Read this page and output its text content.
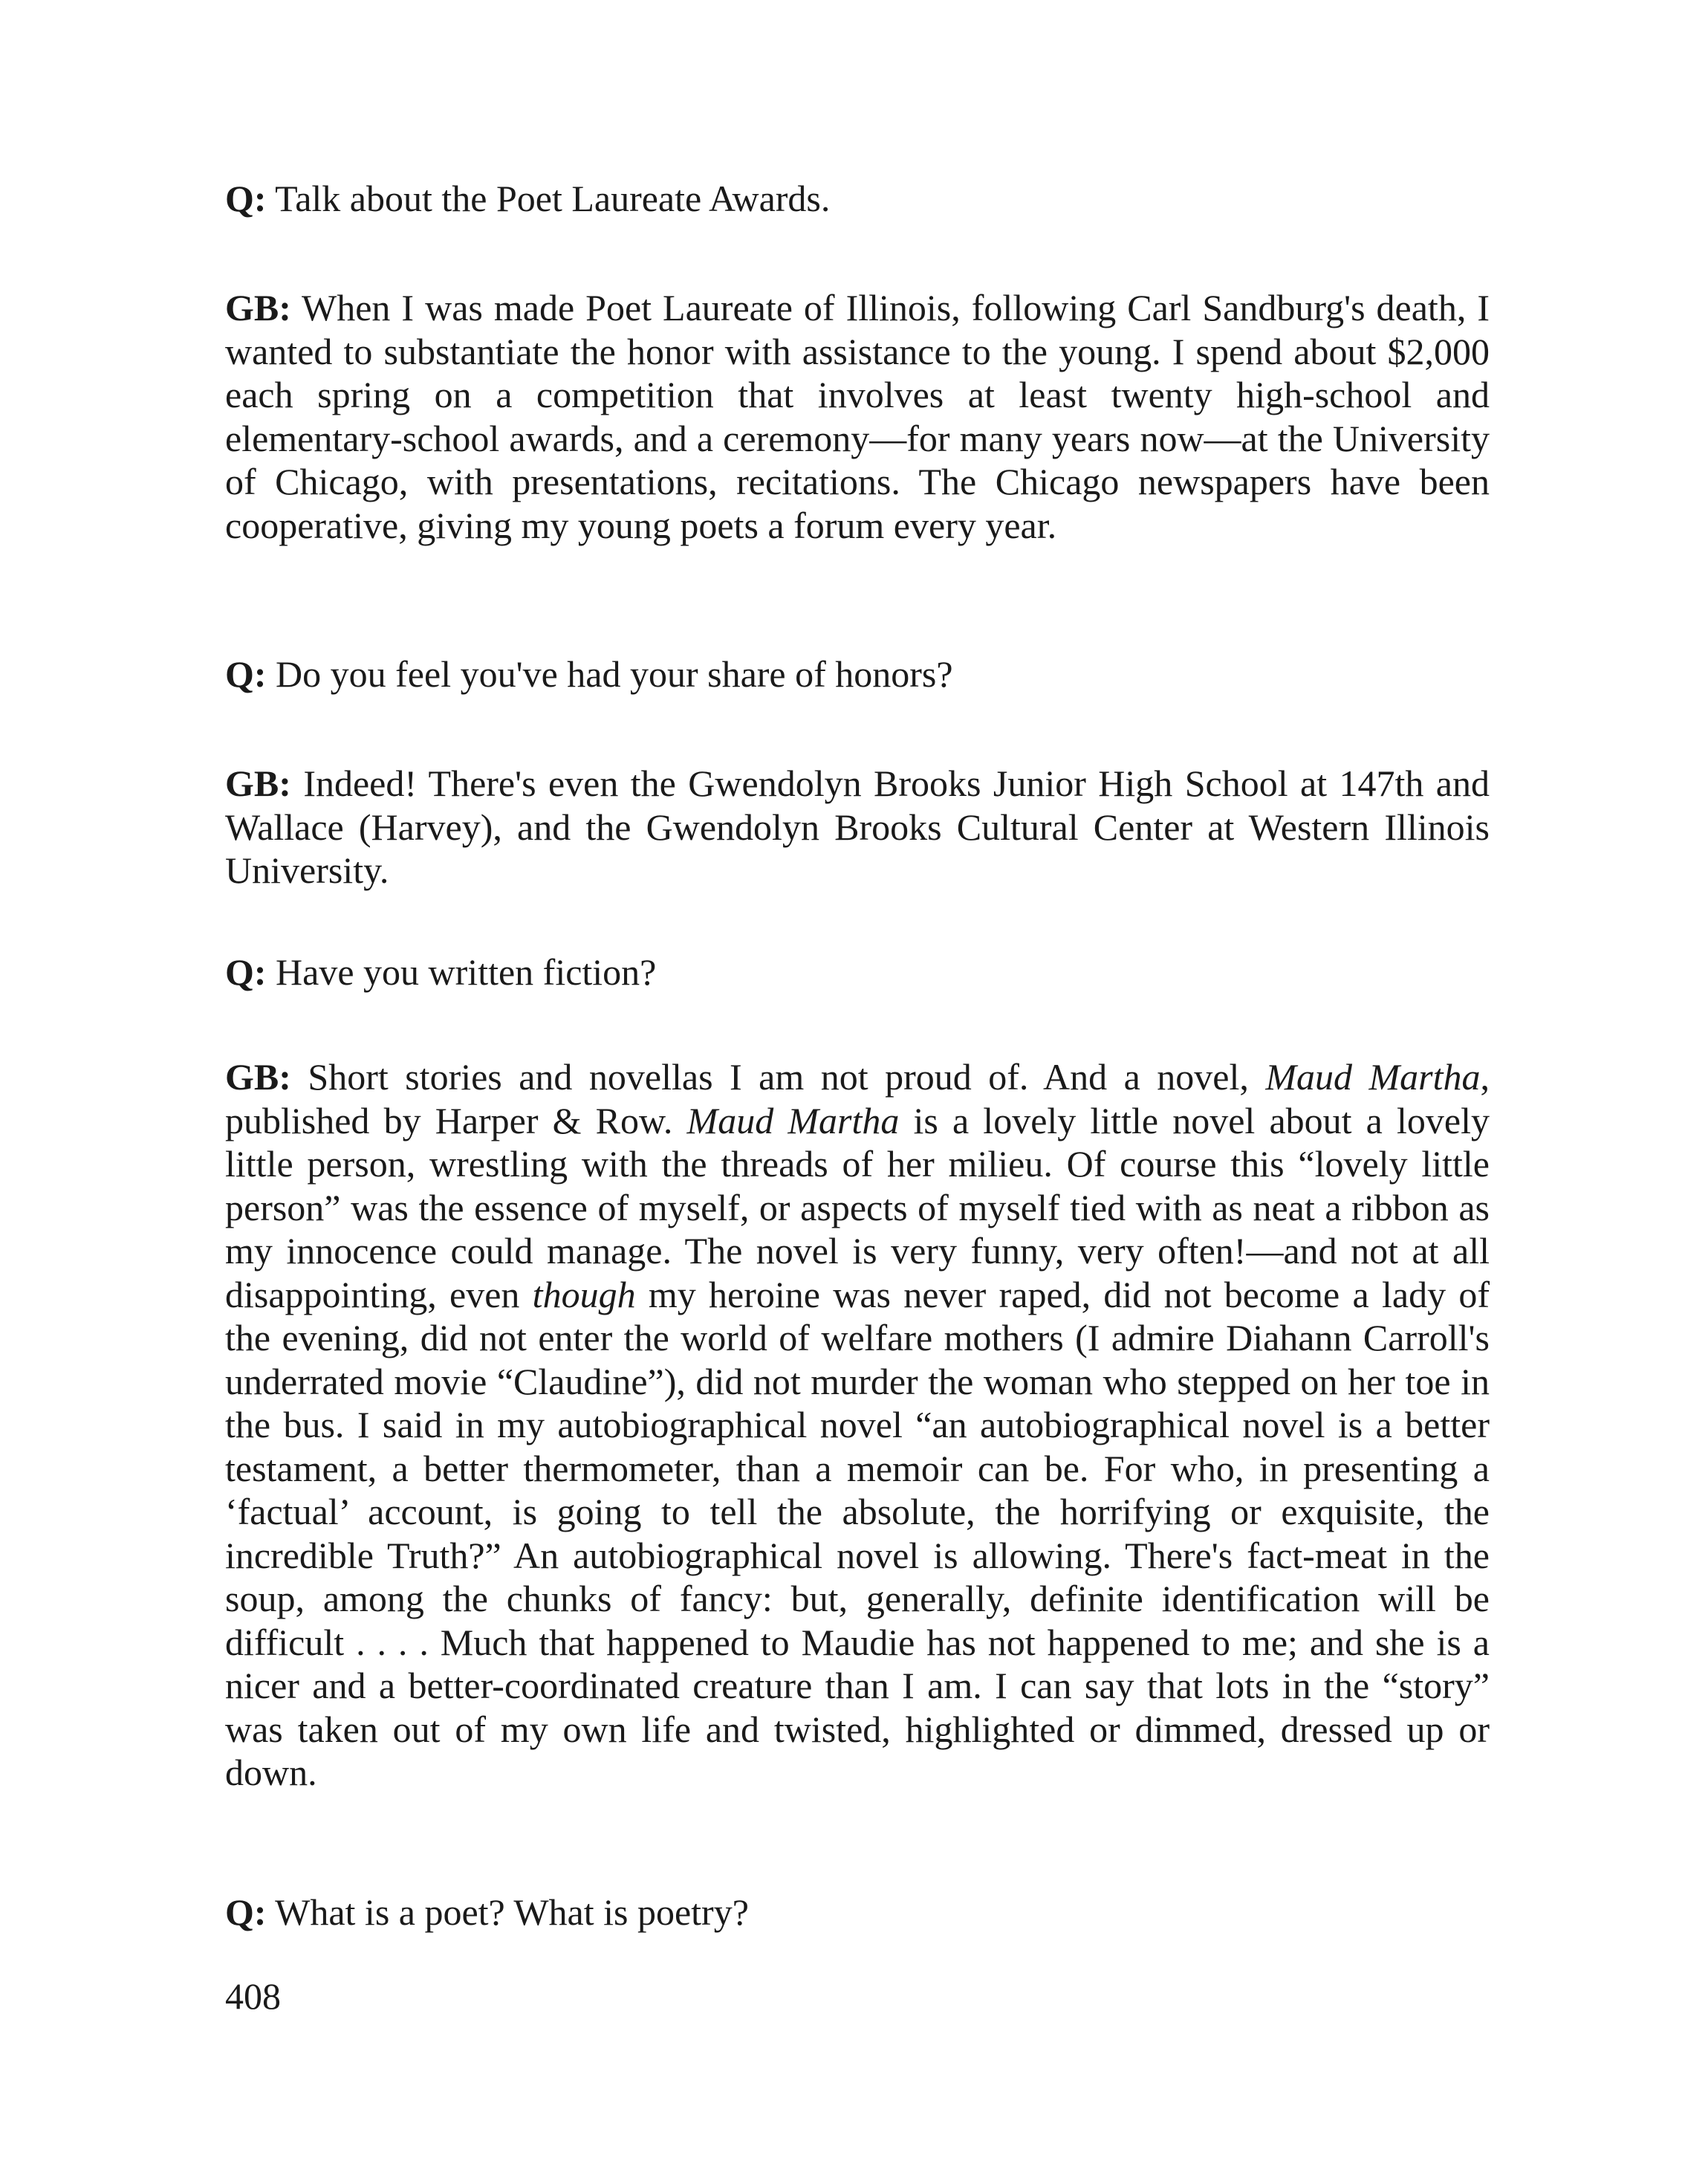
Q: Talk about the Poet Laureate Awards.

GB: When I was made Poet Laureate of Illinois, following Carl Sandburg's death, I wanted to substantiate the honor with assistance to the young. I spend about $2,000 each spring on a competition that involves at least twenty high-school and elementary-school awards, and a ceremony—for many years now—at the University of Chicago, with presentations, recitations. The Chicago newspapers have been cooperative, giving my young poets a forum every year.

Q: Do you feel you've had your share of honors?

GB: Indeed! There's even the Gwendolyn Brooks Junior High School at 147th and Wallace (Harvey), and the Gwendolyn Brooks Cultural Center at Western Illinois University.

Q: Have you written fiction?

GB: Short stories and novellas I am not proud of. And a novel, Maud Martha, published by Harper & Row. Maud Martha is a lovely little novel about a lovely little person, wrestling with the threads of her milieu. Of course this “lovely little person” was the essence of myself, or aspects of myself tied with as neat a ribbon as my innocence could manage. The novel is very funny, very often!—and not at all disappointing, even though my heroine was never raped, did not become a lady of the evening, did not enter the world of welfare mothers (I admire Diahann Carroll's underrated movie “Claudine”), did not murder the woman who stepped on her toe in the bus. I said in my autobiographical novel “an autobiographical novel is a better testament, a better thermometer, than a memoir can be. For who, in presenting a ‘factual’ account, is going to tell the absolute, the horrifying or exquisite, the incredible Truth?” An autobiographical novel is allowing. There's fact-meat in the soup, among the chunks of fancy: but, generally, definite identification will be difficult . . . . Much that happened to Maudie has not happened to me; and she is a nicer and a better-coordinated creature than I am. I can say that lots in the “story” was taken out of my own life and twisted, highlighted or dimmed, dressed up or down.

Q: What is a poet? What is poetry?

408
